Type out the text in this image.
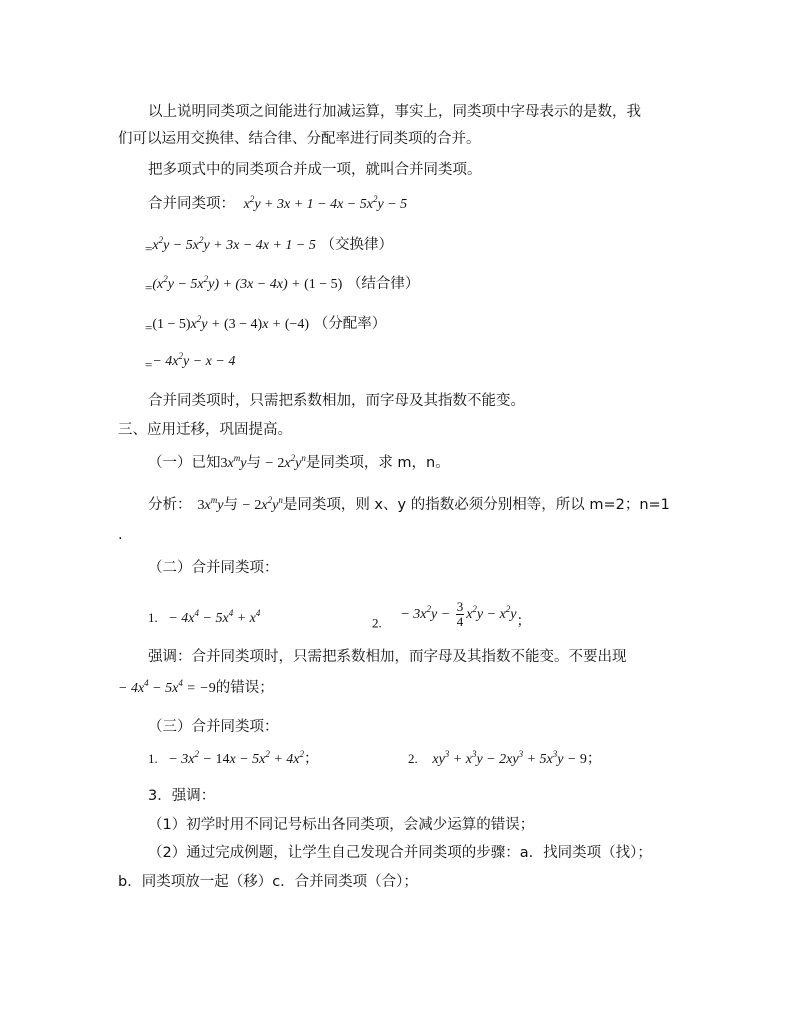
以上说明同类项之间能进行加减运算，事实上，同类项中字母表示的是数，我
们可以运用交换律、结合律、分配率进行同类项的合并。
把多项式中的同类项合并成一项，就叫合并同类项。
合并同类项： $x^2y + 3x + 1 - 4x - 5x^2y - 5$
$=x^2y - 5x^2y + 3x - 4x + 1 - 5$ （交换律）
$=(x^2y - 5x^2y) + (3x - 4x) + (1 - 5)$ （结合律）
$=(1 - 5)x^2y + (3 - 4)x + (-4)$ （分配率）
=− $4x^2y - x - 4$
合并同类项时，只需把系数相加，而字母及其指数不能变。
三、应用迁移，巩固提高。
（一）已知$3x^my$与 − $2x^2y^n$是同类项，求 m，n。
分析： $3x^my$与 − $2x^2y^n$是同类项，则 x、y 的指数必须分别相等，所以 m=2；n=1
.
（二）合并同类项：
1. − $4x^4 - 5x^4 + x^4$
2. − $3x^2y - \frac{3}{4} x^2y - x^2y$；
强调：合并同类项时，只需把系数相加，而字母及其指数不能变。不要出现
− $4x^4 - 5x^4 = -9$的错误；
（三）合并同类项：
1. − $3x^2 - 14x - 5x^2 + 4x^2$；	2. $xy^3 + x^3y - 2xy^3 + 5x^3y - 9$；
3．强调：
（1）初学时用不同记号标出各同类项，会减少运算的错误；
（2）通过完成例题，让学生自己发现合并同类项的步骤：a．找同类项（找）；
b．同类项放一起（移）c．合并同类项（合）；
